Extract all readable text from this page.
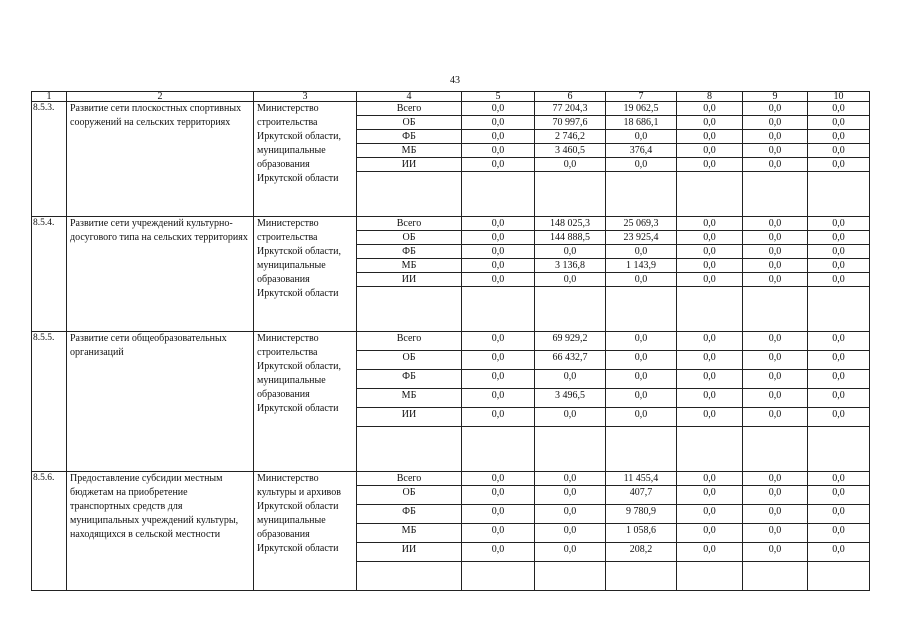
43
1	2	3	4	5	6	7	8	9	10
8.5.3.	Развитие сети плоскостных спортивных сооружений на сельских территориях	Министерство строительства Иркутской области, муниципальные образования Иркутской области	Всего	0,0	77 204,3	19 062,5	0,0	0,0	0,0
			ОБ	0,0	70 997,6	18 686,1	0,0	0,0	0,0
			ФБ	0,0	2 746,2	0,0	0,0	0,0	0,0
			МБ	0,0	3 460,5	376,4	0,0	0,0	0,0
			ИИ	0,0	0,0	0,0	0,0	0,0	0,0

8.5.4.	Развитие сети учреждений культурно-досугового типа на сельских территориях	Министерство строительства Иркутской области, муниципальные образования Иркутской области	Всего	0,0	148 025,3	25 069,3	0,0	0,0	0,0
			ОБ	0,0	144 888,5	23 925,4	0,0	0,0	0,0
			ФБ	0,0	0,0	0,0	0,0	0,0	0,0
			МБ	0,0	3 136,8	1 143,9	0,0	0,0	0,0
			ИИ	0,0	0,0	0,0	0,0	0,0	0,0

8.5.5.	Развитие сети общеобразовательных организаций	Министерство строительства Иркутской области, муниципальные образования Иркутской области	Всего	0,0	69 929,2	0,0	0,0	0,0	0,0
			ОБ	0,0	66 432,7	0,0	0,0	0,0	0,0
			ФБ	0,0	0,0	0,0	0,0	0,0	0,0
			МБ	0,0	3 496,5	0,0	0,0	0,0	0,0
			ИИ	0,0	0,0	0,0	0,0	0,0	0,0

8.5.6.	Предоставление субсидии местным бюджетам на приобретение транспортных средств для муниципальных учреждений культуры, находящихся в сельской местности	Министерство культуры и архивов Иркутской области муниципальные образования Иркутской области	Всего	0,0	0,0	11 455,4	0,0	0,0	0,0
			ОБ	0,0	0,0	407,7	0,0	0,0	0,0
			ФБ	0,0	0,0	9 780,9	0,0	0,0	0,0
			МБ	0,0	0,0	1 058,6	0,0	0,0	0,0
			ИИ	0,0	0,0	208,2	0,0	0,0	0,0
